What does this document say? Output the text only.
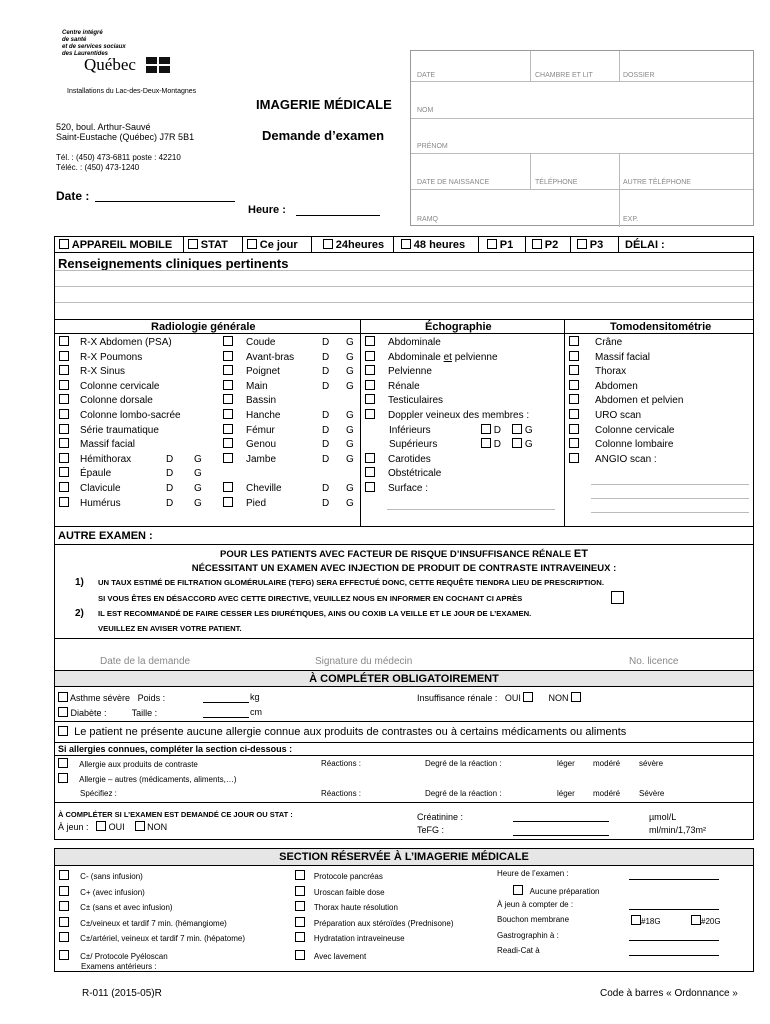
Centre intégré
de santé
et de services sociaux
des Laurentides
Québec
Installations du Lac-des-Deux-Montagnes
520, boul. Arthur-Sauvé
Saint-Eustache (Québec) J7R 5B1
Tél. : (450) 473-6811 poste : 42210
Téléc. : (450) 473-1240
IMAGERIE MÉDICALE
Demande d’examen
Date :
Heure :
DATE	CHAMBRE ET LIT	DOSSIER
NOM
PRÉNOM
DATE DE NAISSANCE	TÉLÉPHONE	AUTRE TÉLÉPHONE
RAMQ	EXP.
APPAREIL MOBILE	STAT	Ce jour	24heures	48 heures	P1	P2	P3 DÉLAI :
Renseignements cliniques pertinents
Radiologie générale	Échographie	Tomodensitométrie
R-X Abdomen (PSA)
R-X Poumons
R-X Sinus
Colonne cervicale
Colonne dorsale
Colonne lombo-sacrée
Série traumatique
Massif facial
Hémithorax	D G
Épaule	D G
Clavicule	D G
Humérus	D G
Coude	D G
Avant-bras	D G
Poignet	D G
Main	D G
Bassin
Hanche	D G
Fémur	D G
Genou	D G
Jambe	D G
Cheville	D G
Pied	D G
Abdominale
Abdominale et pelvienne
Pelvienne
Rénale
Testiculaires
Doppler veineux des membres :
Inférieurs	D G
Supérieurs	D G
Carotides
Obstétricale
Surface :
Crâne
Massif facial
Thorax
Abdomen
Abdomen et pelvien
URO scan
Colonne cervicale
Colonne lombaire
ANGIO scan :
AUTRE EXAMEN :
POUR LES PATIENTS AVEC FACTEUR DE RISQUE D’INSUFFISANCE RÉNALE ET
NÉCESSITANT UN EXAMEN AVEC INJECTION DE PRODUIT DE CONTRASTE INTRAVEINEUX :
1) UN TAUX ESTIMÉ DE FILTRATION GLOMÉRULAIRE (TEFG) SERA EFFECTUÉ DONC, CETTE REQUÊTE TIENDRA LIEU DE PRESCRIPTION.
SI VOUS ÊTES EN DÉSACCORD AVEC CETTE DIRECTIVE, VEUILLEZ NOUS EN INFORMER EN COCHANT CI APRÈS
2) IL EST RECOMMANDÉ DE FAIRE CESSER LES DIURÉTIQUES, AINS OU COXIB LA VEILLE ET LE JOUR DE L’EXAMEN.
VEUILLEZ EN AVISER VOTRE PATIENT.
Date de la demande	Signature du médecin	No. licence
À COMPLÉTER OBLIGATOIREMENT
Asthme sévère Poids :	kg
Diabète :	Taille :	cm
Insuffisance rénale : OUI	NON
Le patient ne présente aucune allergie connue aux produits de contrastes ou à certains médicaments ou aliments
Si allergies connues, compléter la section ci-dessous :
Allergie aux produits de contraste
Allergie – autres (médicaments, aliments,…)
Spécifiez :
Réactions :	Degré de la réaction :	léger modéré sévère
Réactions :	Degré de la réaction :	léger modéré Sévère
À COMPLÉTER SI L’EXAMEN EST DEMANDÉ CE JOUR OU STAT :
À jeun : OUI	NON
Créatinine :
TeFG :
µmol/L
ml/min/1,73m²
SECTION RÉSERVÉE À L’IMAGERIE MÉDICALE
C- (sans infusion)
C+ (avec infusion)
C± (sans et avec infusion)
C±/veineux et tardif 7 min. (hémangiome)
C±/artériel, veineux et tardif 7 min. (hépatome)
C±/ Protocole Pyéloscan
Examens antérieurs :
Protocole pancréas
Uroscan faible dose
Thorax haute résolution
Préparation aux stéroïdes (Prednisone)
Hydratation intraveineuse
Avec lavement
Heure de l’examen :
Aucune préparation
À jeun à compter de :
Bouchon membrane	#18G	#20G
Gastrographin à :
Readi-Cat à
R-011 (2015-05)R	Code à barres « Ordonnance »
